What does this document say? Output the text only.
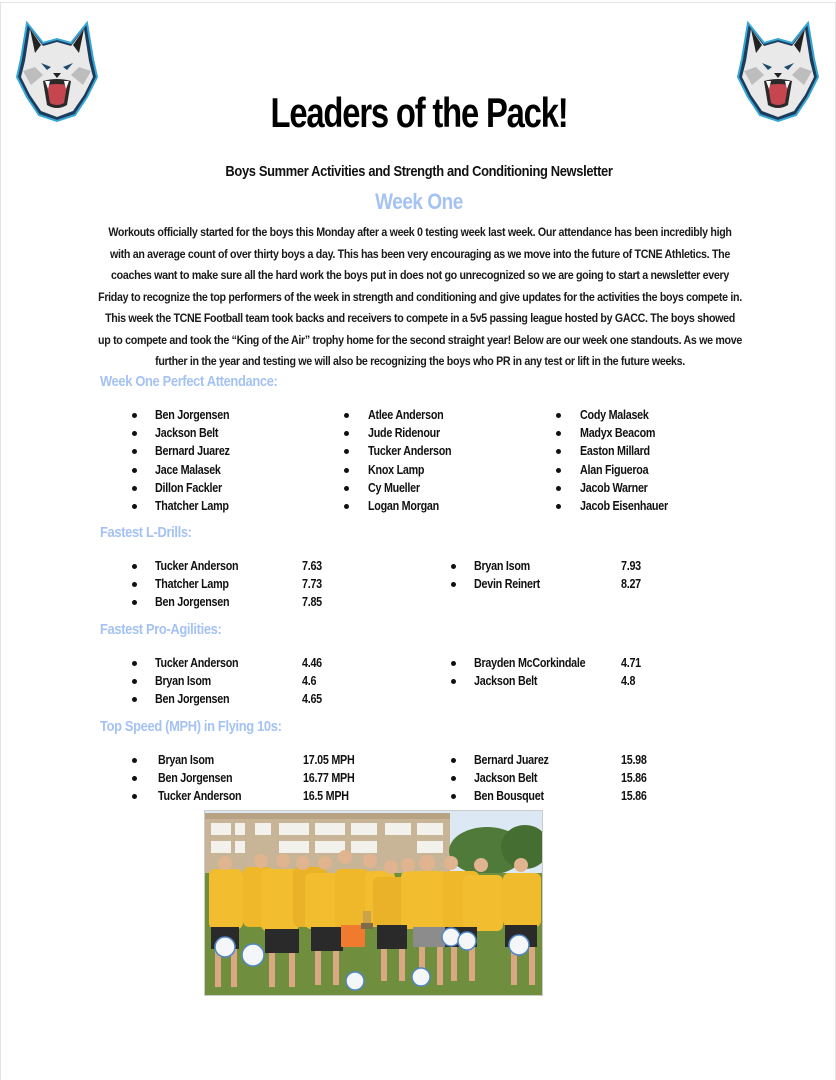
Leaders of the Pack!
Boys Summer Activities and Strength and Conditioning Newsletter
Week One
Workouts officially started for the boys this Monday after a week 0 testing week last week. Our attendance has been incredibly high with an average count of over thirty boys a day. This has been very encouraging as we move into the future of TCNE Athletics. The coaches want to make sure all the hard work the boys put in does not go unrecognized so we are going to start a newsletter every Friday to recognize the top performers of the week in strength and conditioning and give updates for the activities the boys compete in. This week the TCNE Football team took backs and receivers to compete in a 5v5 passing league hosted by GACC. The boys showed up to compete and took the “King of the Air” trophy home for the second straight year! Below are our week one standouts. As we move further in the year and testing we will also be recognizing the boys who PR in any test or lift in the future weeks.
Week One Perfect Attendance:
Ben Jorgensen
Jackson Belt
Bernard Juarez
Jace Malasek
Dillon Fackler
Thatcher Lamp
Atlee Anderson
Jude Ridenour
Tucker Anderson
Knox Lamp
Cy Mueller
Logan Morgan
Cody Malasek
Madyx Beacom
Easton Millard
Alan Figueroa
Jacob Warner
Jacob Eisenhauer
Fastest L-Drills:
Tucker Anderson	7.63
Thatcher Lamp	7.73
Ben Jorgensen	7.85
Bryan Isom	7.93
Devin Reinert	8.27
Fastest Pro-Agilities:
Tucker Anderson	4.46
Bryan Isom	4.6
Ben Jorgensen	4.65
Brayden McCorkindale	4.71
Jackson Belt	4.8
Top Speed (MPH) in Flying 10s:
Bryan Isom	17.05 MPH
Ben Jorgensen	16.77 MPH
Tucker Anderson	16.5 MPH
Bernard Juarez	15.98
Jackson Belt	15.86
Ben Bousquet	15.86
